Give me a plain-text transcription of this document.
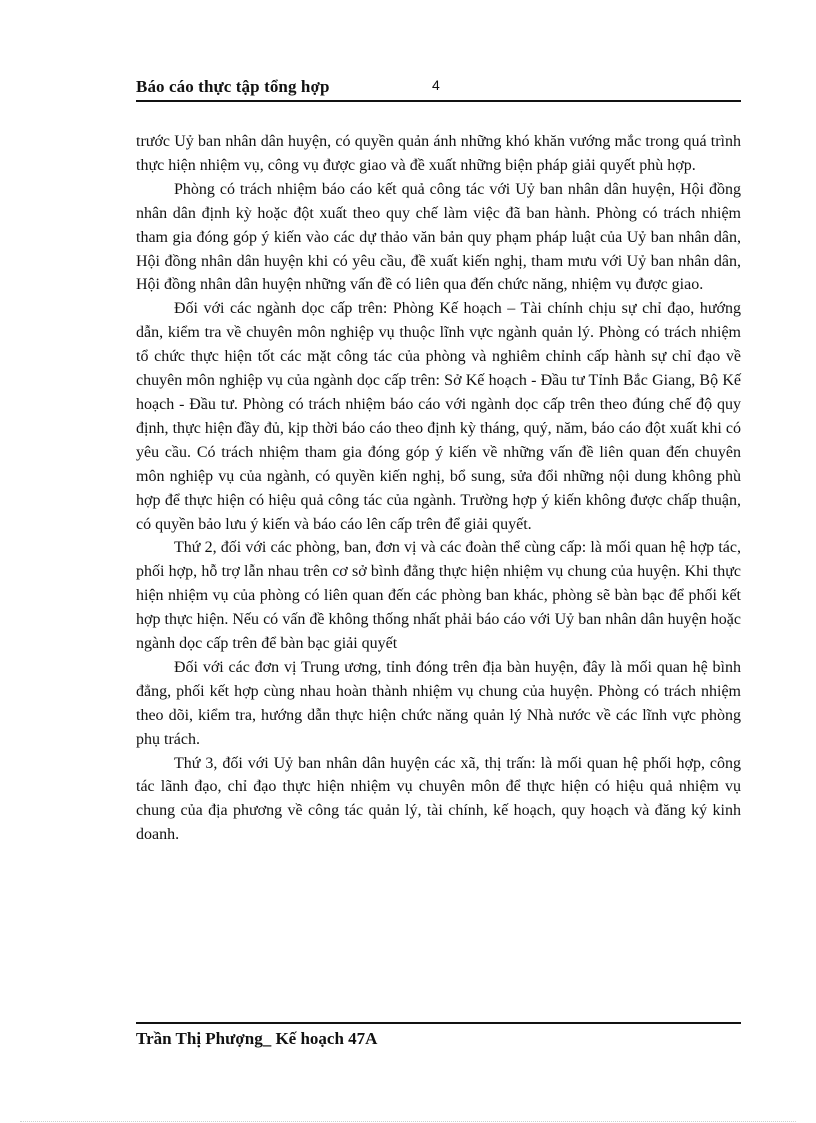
Báo cáo thực tập tổng hợp	4

trước Uỷ ban nhân dân huyện, có quyền quản ánh những khó khăn vướng mắc trong quá trình thực hiện nhiệm vụ, công vụ được giao và đề xuất những biện pháp giải quyết phù hợp.

Phòng có trách nhiệm báo cáo kết quả công tác với Uỷ ban nhân dân huyện, Hội đồng nhân dân định kỳ hoặc đột xuất theo quy chế làm việc đã ban hành. Phòng có trách nhiệm tham gia đóng góp ý kiến vào các dự thảo văn bản quy phạm pháp luật của Uỷ ban nhân dân, Hội đồng nhân dân huyện khi có yêu cầu, đề xuất kiến nghị, tham mưu với Uỷ ban nhân dân, Hội đồng nhân dân huyện những vấn đề có liên qua đến chức năng, nhiệm vụ được giao.

Đối với các ngành dọc cấp trên: Phòng Kế hoạch – Tài chính chịu sự chỉ đạo, hướng dẫn, kiểm tra về chuyên môn nghiệp vụ thuộc lĩnh vực ngành quản lý. Phòng có trách nhiệm tổ chức thực hiện tốt các mặt công tác của phòng và nghiêm chỉnh cấp hành sự chỉ đạo về chuyên môn nghiệp vụ của ngành dọc cấp trên: Sở Kế hoạch - Đầu tư Tỉnh Bắc Giang, Bộ Kế hoạch - Đầu tư. Phòng có trách nhiệm báo cáo với ngành dọc cấp trên theo đúng chế độ quy định, thực hiện đầy đủ, kịp thời báo cáo theo định kỳ tháng, quý, năm, báo cáo đột xuất khi có yêu cầu. Có trách nhiệm tham gia đóng góp ý kiến về những vấn đề liên quan đến chuyên môn nghiệp vụ của ngành, có quyền kiến nghị, bổ sung, sửa đổi những nội dung không phù hợp để thực hiện có hiệu quả công tác của ngành. Trường hợp ý kiến không được chấp thuận, có quyền bảo lưu ý kiến và báo cáo lên cấp trên để giải quyết.

Thứ 2, đối với các phòng, ban, đơn vị và các đoàn thể cùng cấp: là mối quan hệ hợp tác, phối hợp, hỗ trợ lẫn nhau trên cơ sở bình đẳng thực hiện nhiệm vụ chung của huyện. Khi thực hiện nhiệm vụ của phòng có liên quan đến các phòng ban khác, phòng sẽ bàn bạc để phối kết hợp thực hiện. Nếu có vấn đề không thống nhất phải báo cáo với Uỷ ban nhân dân huyện hoặc ngành dọc cấp trên để bàn bạc giải quyết

Đối với các đơn vị Trung ương, tỉnh đóng trên địa bàn huyện, đây là mối quan hệ bình đẳng, phối kết hợp cùng nhau hoàn thành nhiệm vụ chung của huyện. Phòng có trách nhiệm theo dõi, kiểm tra, hướng dẫn thực hiện chức năng quản lý Nhà nước về các lĩnh vực phòng phụ trách.

Thứ 3, đối với Uỷ ban nhân dân huyện các xã, thị trấn: là mối quan hệ phối hợp, công tác lãnh đạo, chỉ đạo thực hiện nhiệm vụ chuyên môn để thực hiện có hiệu quả nhiệm vụ chung của địa phương về công tác quản lý, tài chính, kế hoạch, quy hoạch và đăng ký kinh doanh.

Trần Thị Phượng_ Kế hoạch 47A
